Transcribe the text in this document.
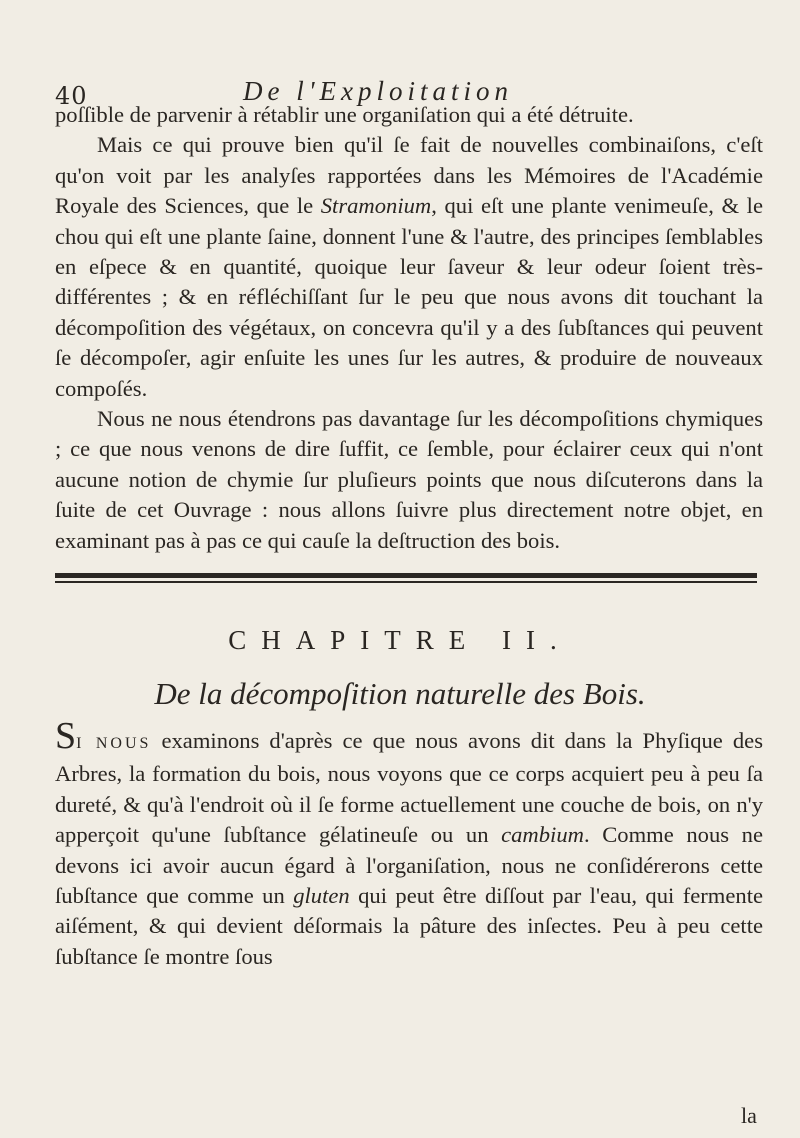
40	De l'Exploitation

poſſible de parvenir à rétablir une organiſation qui a été détruite.

Mais ce qui prouve bien qu'il ſe fait de nouvelles combinaiſons, c'eſt qu'on voit par les analyſes rapportées dans les Mémoires de l'Académie Royale des Sciences, que le Stramonium, qui eſt une plante venimeuſe, & le chou qui eſt une plante ſaine, donnent l'une & l'autre, des principes ſemblables en eſpece & en quantité, quoique leur ſaveur & leur odeur ſoient très-différentes ; & en réfléchiſſant ſur le peu que nous avons dit touchant la décompoſition des végétaux, on concevra qu'il y a des ſubſtances qui peuvent ſe décompoſer, agir enſuite les unes ſur les autres, & produire de nouveaux compoſés.

Nous ne nous étendrons pas davantage ſur les décompoſitions chymiques ; ce que nous venons de dire ſuffit, ce ſemble, pour éclairer ceux qui n'ont aucune notion de chymie ſur pluſieurs points que nous diſcuterons dans la ſuite de cet Ouvrage : nous allons ſuivre plus directement notre objet, en examinant pas à pas ce qui cauſe la deſtruction des bois.

CHAPITRE II.
De la décompoſition naturelle des Bois.

SI NOUS examinons d'après ce que nous avons dit dans la Phyſique des Arbres, la formation du bois, nous voyons que ce corps acquiert peu à peu ſa dureté, & qu'à l'endroit où il ſe forme actuellement une couche de bois, on n'y apperçoit qu'une ſubſtance gélatineuſe ou un cambium. Comme nous ne devons ici avoir aucun égard à l'organiſation, nous ne conſidérerons cette ſubſtance que comme un gluten qui peut être diſſout par l'eau, qui fermente aiſément, & qui devient déſormais la pâture des inſectes. Peu à peu cette ſubſtance ſe montre ſous

la
